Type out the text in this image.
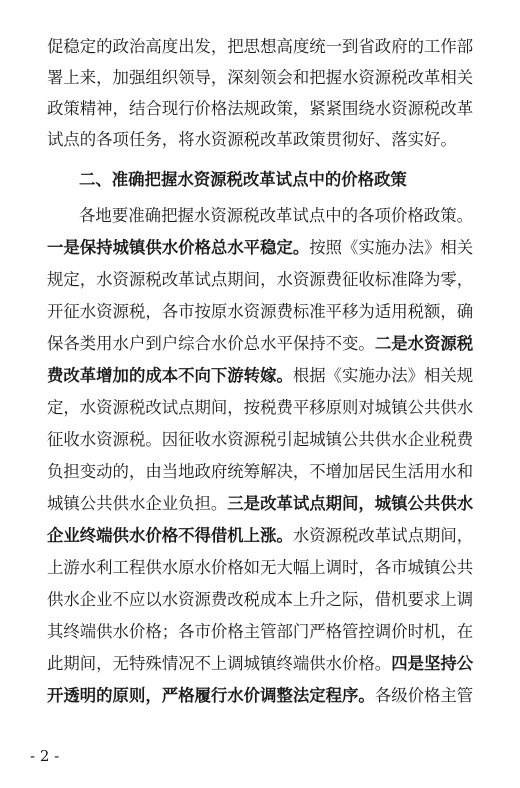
促稳定的政治高度出发，把思想高度统一到省政府的工作部
署上来，加强组织领导，深刻领会和把握水资源税改革相关
政策精神，结合现行价格法规政策，紧紧围绕水资源税改革
试点的各项任务，将水资源税改革政策贯彻好、落实好。
二、准确把握水资源税改革试点中的价格政策
各地要准确把握水资源税改革试点中的各项价格政策。
一是保持城镇供水价格总水平稳定。按照《实施办法》相关
规定，水资源税改革试点期间，水资源费征收标准降为零，
开征水资源税，各市按原水资源费标准平移为适用税额，确
保各类用水户到户综合水价总水平保持不变。二是水资源税
费改革增加的成本不向下游转嫁。根据《实施办法》相关规
定，水资源税改试点期间，按税费平移原则对城镇公共供水
征收水资源税。因征收水资源税引起城镇公共供水企业税费
负担变动的，由当地政府统筹解决，不增加居民生活用水和
城镇公共供水企业负担。三是改革试点期间，城镇公共供水
企业终端供水价格不得借机上涨。水资源税改革试点期间，
上游水利工程供水原水价格如无大幅上调时，各市城镇公共
供水企业不应以水资源费改税成本上升之际，借机要求上调
其终端供水价格；各市价格主管部门严格管控调价时机，在
此期间，无特殊情况不上调城镇终端供水价格。四是坚持公
开透明的原则，严格履行水价调整法定程序。各级价格主管
- 2 -
